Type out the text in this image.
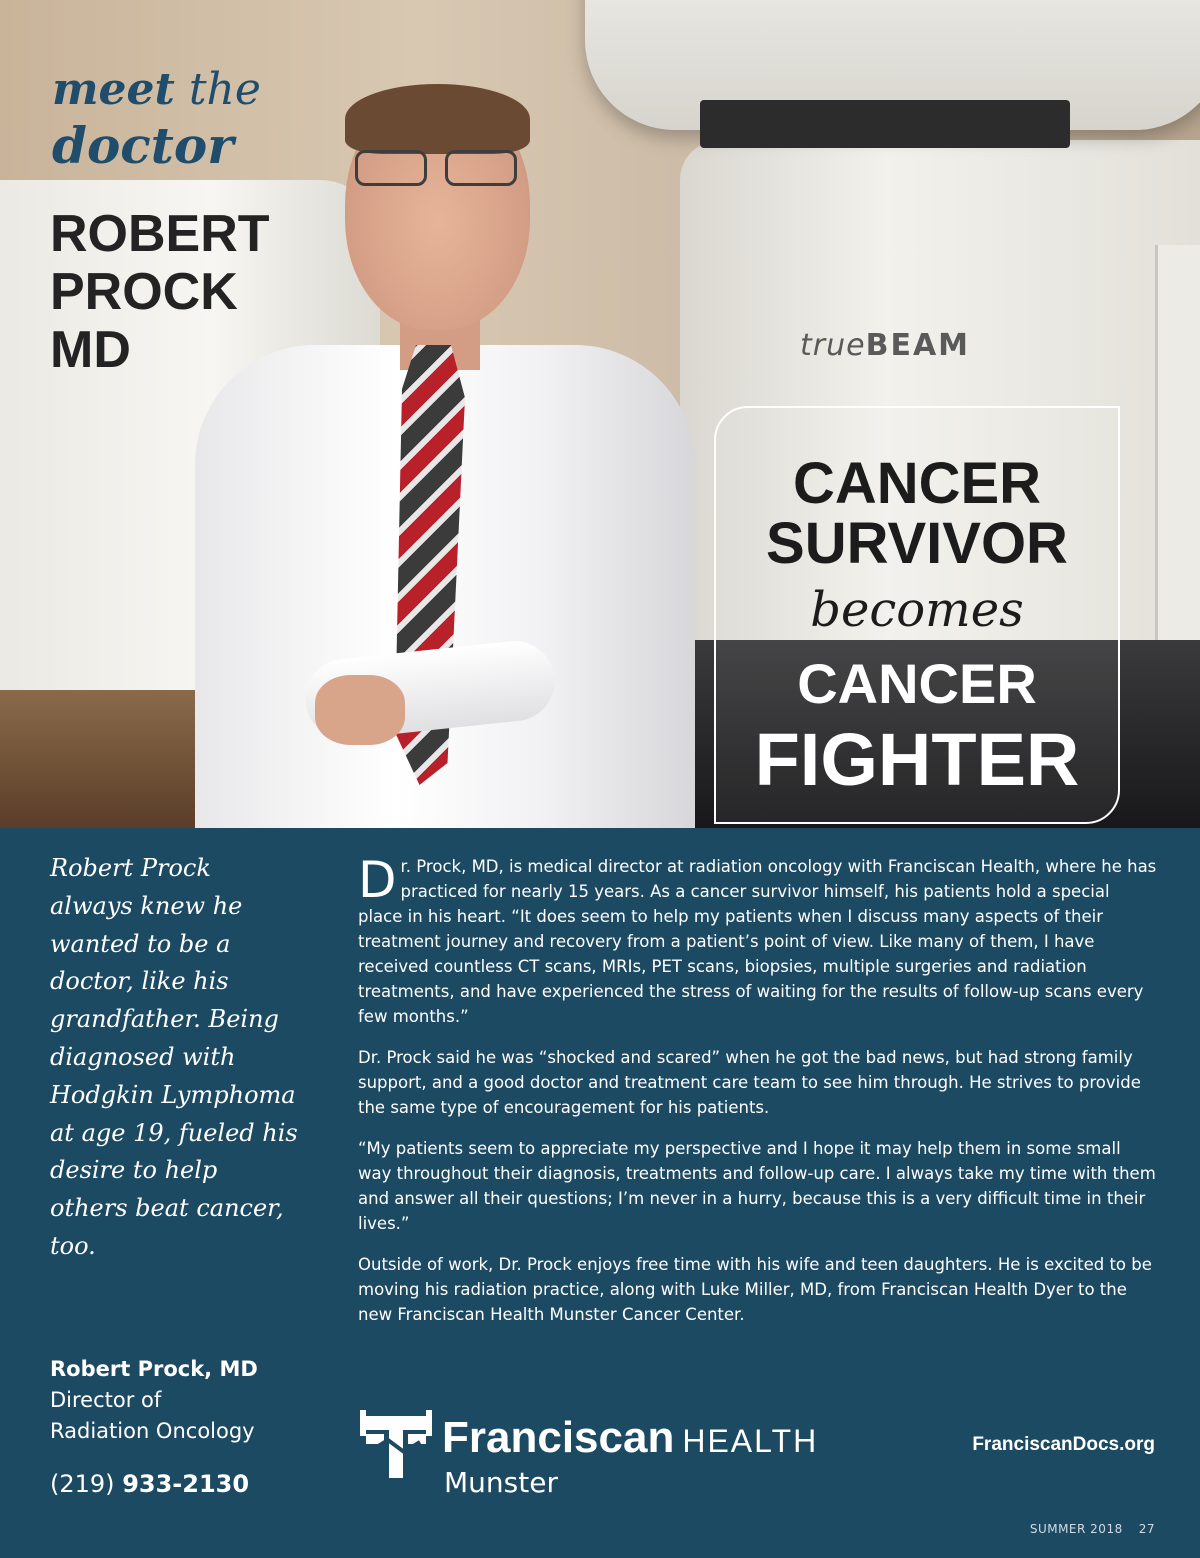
trueBEAM
meet the
doctor
ROBERT
PROCK
MD
CANCER
SURVIVOR
becomes
CANCER
FIGHTER
Robert Prock always knew he wanted to be a doctor, like his grandfather. Being diagnosed with Hodgkin Lymphoma at age 19, fueled his desire to help others beat cancer, too.

Dr. Prock, MD, is medical director at radiation oncology with Franciscan Health, where he has practiced for nearly 15 years. As a cancer survivor himself, his patients hold a special place in his heart. “It does seem to help my patients when I discuss many aspects of their treatment journey and recovery from a patient’s point of view. Like many of them, I have received countless CT scans, MRIs, PET scans, biopsies, multiple surgeries and radiation treatments, and have experienced the stress of waiting for the results of follow-up scans every few months.”

Dr. Prock said he was “shocked and scared” when he got the bad news, but had strong family support, and a good doctor and treatment care team to see him through. He strives to provide the same type of encouragement for his patients.

“My patients seem to appreciate my perspective and I hope it may help them in some small way throughout their diagnosis, treatments and follow-up care. I always take my time with them and answer all their questions; I’m never in a hurry, because this is a very difficult time in their lives.”

Outside of work, Dr. Prock enjoys free time with his wife and teen daughters. He is excited to be moving his radiation practice, along with Luke Miller, MD, from Franciscan Health Dyer to the new Franciscan Health Munster Cancer Center.

Robert Prock, MD
Director of
Radiation Oncology
(219) 933-2130
Franciscan HEALTH
Munster
FranciscanDocs.org
SUMMER 2018 27
